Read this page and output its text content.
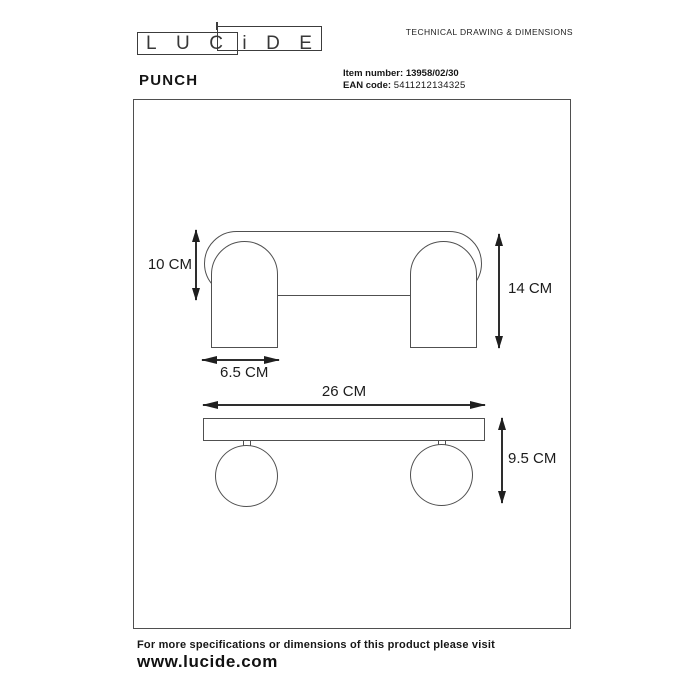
L U C i D E
PUNCH
TECHNICAL DRAWING & DIMENSIONS
Item number: 13958/02/30
EAN code: 5411212134325
10 CM
14 CM
6.5 CM
26 CM
9.5 CM
For more specifications or dimensions of this product please visit
www.lucide.com
